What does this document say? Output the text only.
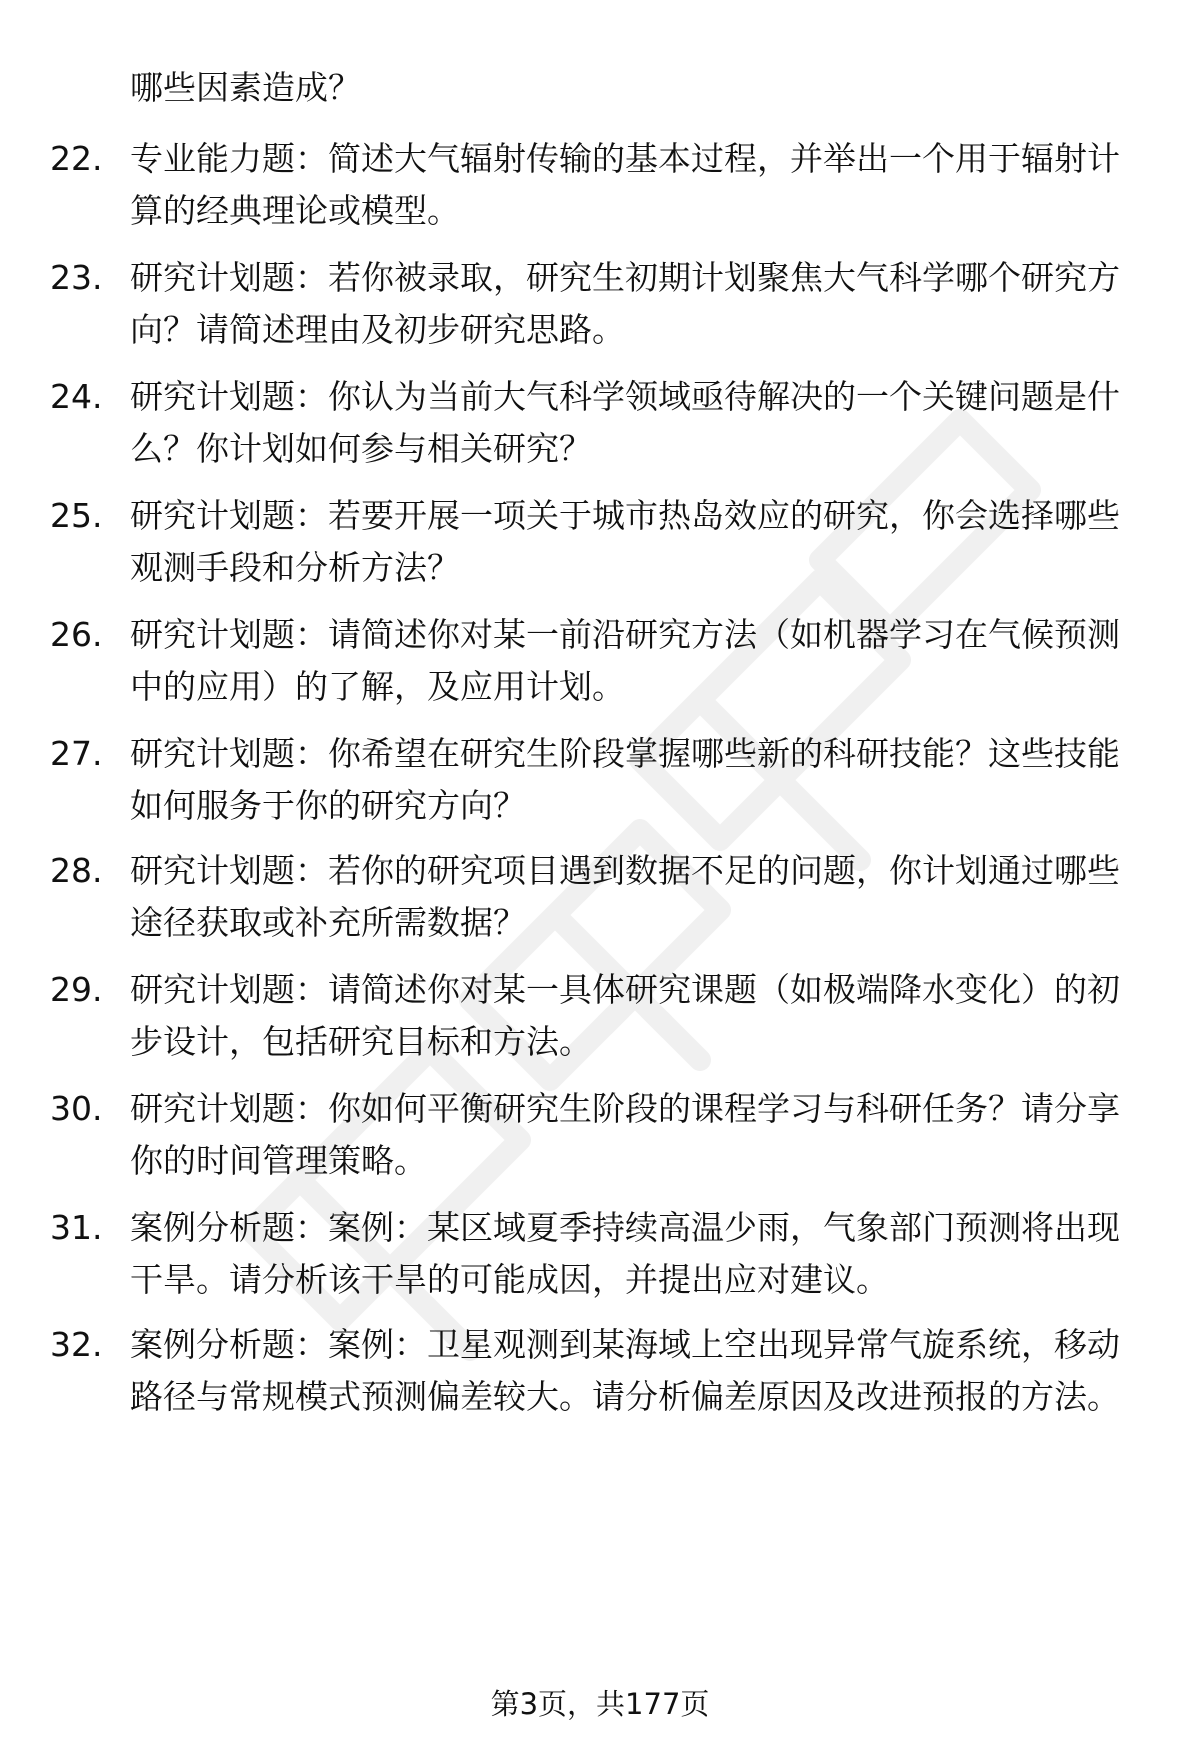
哪些因素造成？
22. 专业能力题：简述大气辐射传输的基本过程，并举出一个用于辐射计算的经典理论或模型。
23. 研究计划题：若你被录取，研究生初期计划聚焦大气科学哪个研究方向？请简述理由及初步研究思路。
24. 研究计划题：你认为当前大气科学领域亟待解决的一个关键问题是什么？你计划如何参与相关研究？
25. 研究计划题：若要开展一项关于城市热岛效应的研究，你会选择哪些观测手段和分析方法？
26. 研究计划题：请简述你对某一前沿研究方法（如机器学习在气候预测中的应用）的了解，及应用计划。
27. 研究计划题：你希望在研究生阶段掌握哪些新的科研技能？这些技能如何服务于你的研究方向？
28. 研究计划题：若你的研究项目遇到数据不足的问题，你计划通过哪些途径获取或补充所需数据？
29. 研究计划题：请简述你对某一具体研究课题（如极端降水变化）的初步设计，包括研究目标和方法。
30. 研究计划题：你如何平衡研究生阶段的课程学习与科研任务？请分享你的时间管理策略。
31. 案例分析题：案例：某区域夏季持续高温少雨，气象部门预测将出现干旱。请分析该干旱的可能成因，并提出应对建议。
32. 案例分析题：案例：卫星观测到某海域上空出现异常气旋系统，移动路径与常规模式预测偏差较大。请分析偏差原因及改进预报的方法。
第3页，共177页
